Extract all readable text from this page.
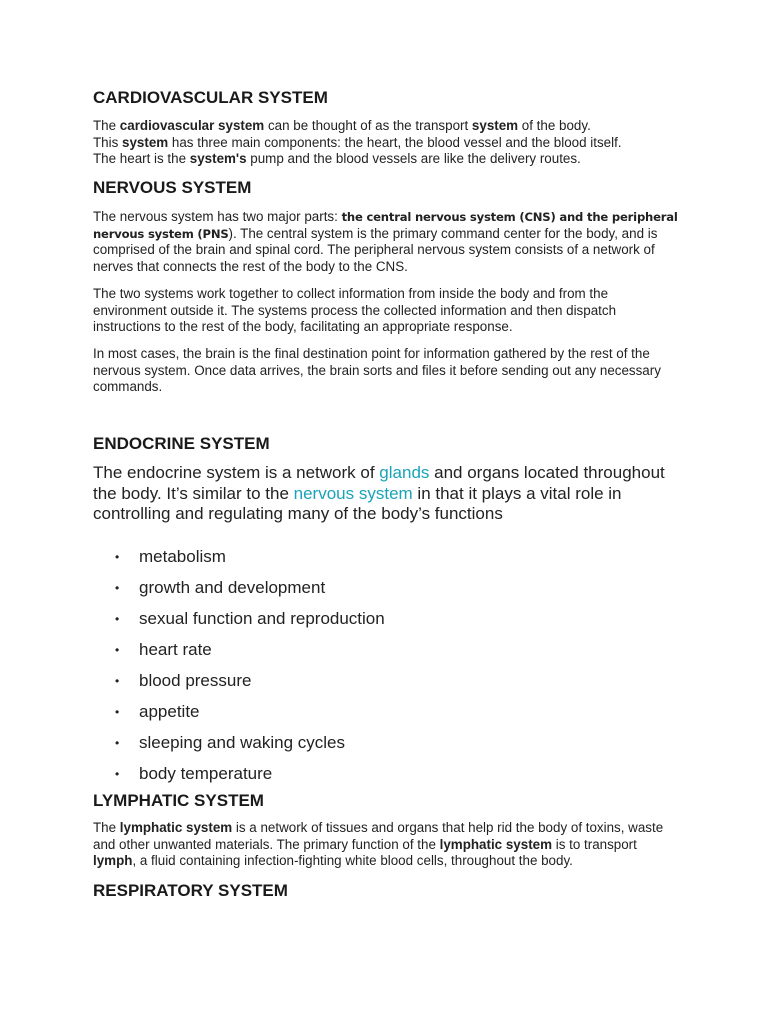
CARDIOVASCULAR SYSTEM

The cardiovascular system can be thought of as the transport system of the body.
This system has three main components: the heart, the blood vessel and the blood itself.
The heart is the system's pump and the blood vessels are like the delivery routes.

NERVOUS SYSTEM

The nervous system has two major parts: the central nervous system (CNS) and the peripheral nervous system (PNS). The central system is the primary command center for the body, and is comprised of the brain and spinal cord. The peripheral nervous system consists of a network of nerves that connects the rest of the body to the CNS.

The two systems work together to collect information from inside the body and from the environment outside it. The systems process the collected information and then dispatch instructions to the rest of the body, facilitating an appropriate response.

In most cases, the brain is the final destination point for information gathered by the rest of the nervous system. Once data arrives, the brain sorts and files it before sending out any necessary commands.

ENDOCRINE SYSTEM

The endocrine system is a network of glands and organs located throughout the body. It’s similar to the nervous system in that it plays a vital role in controlling and regulating many of the body’s functions

• metabolism
• growth and development
• sexual function and reproduction
• heart rate
• blood pressure
• appetite
• sleeping and waking cycles
• body temperature
LYMPHATIC SYSTEM

The lymphatic system is a network of tissues and organs that help rid the body of toxins, waste and other unwanted materials. The primary function of the lymphatic system is to transport lymph, a fluid containing infection-fighting white blood cells, throughout the body.

RESPIRATORY SYSTEM
